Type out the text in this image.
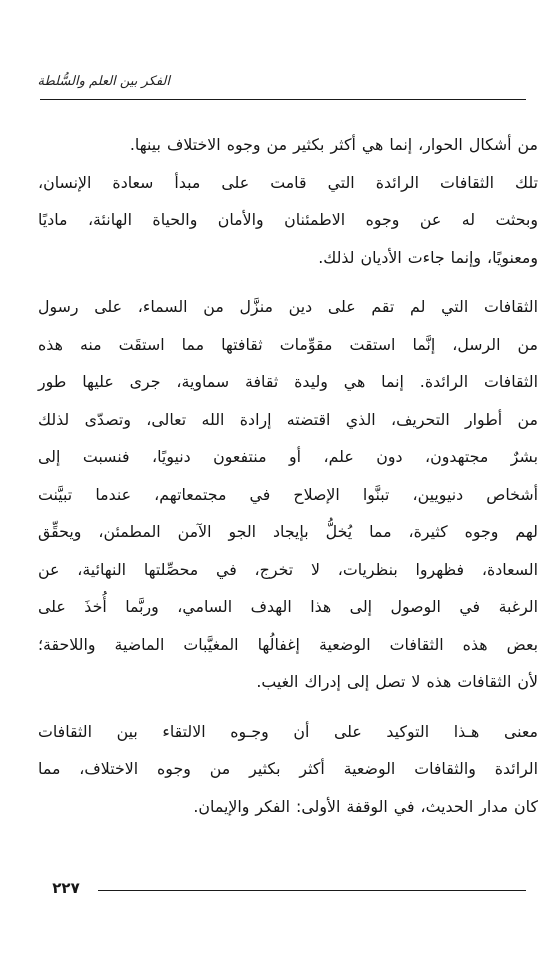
الفكر بين العلم والسُّلطة

من أشكال الحوار، إنما هي أكثر بكثير من وجوه الاختلاف بينها.

تلك الثقافات الرائدة التي قامت على مبدأ سعادة الإنسان،
وبحثت له عن وجوه الاطمئنان والأمان والحياة الهانئة، ماديًا
ومعنويًا، وإنما جاءت الأديان لذلك.

الثقافات التي لم تقم على دين منزَّل من السماء، على رسول
من الرسل، إنَّما استقت مقوِّمات ثقافتها مما استقَت منه هذه
الثقافات الرائدة. إنما هي وليدة ثقافة سماوية، جرى عليها طور
من أطوار التحريف، الذي اقتضته إرادة الله تعالى، وتصدّى لذلك
بشرٌ مجتهدون، دون علم، أو منتفعون دنيويًا، فنسبت إلى
أشخاص دنيويين، تبنَّوا الإصلاح في مجتمعاتهم، عندما تبيَّنت
لهم وجوه كثيرة، مما يُخلُّ بإيجاد الجو الآمن المطمئن، ويحقِّق
السعادة، فظهروا بنظريات، لا تخرج، في محصِّلتها النهائية، عن
الرغبة في الوصول إلى هذا الهدف السامي، وربَّما أُخذَ على
بعض هذه الثقافات الوضعية إغفالُها المغيَّبات الماضية واللاحقة؛
لأن الثقافات هذه لا تصل إلى إدراك الغيب.

معنى هـذا التوكيد على أن وجـوه الالتقاء بين الثقافات
الرائدة والثقافات الوضعية أكثر بكثير من وجوه الاختلاف، مما
كان مدار الحديث، في الوقفة الأولى: الفكر والإيمان.

٢٢٧
